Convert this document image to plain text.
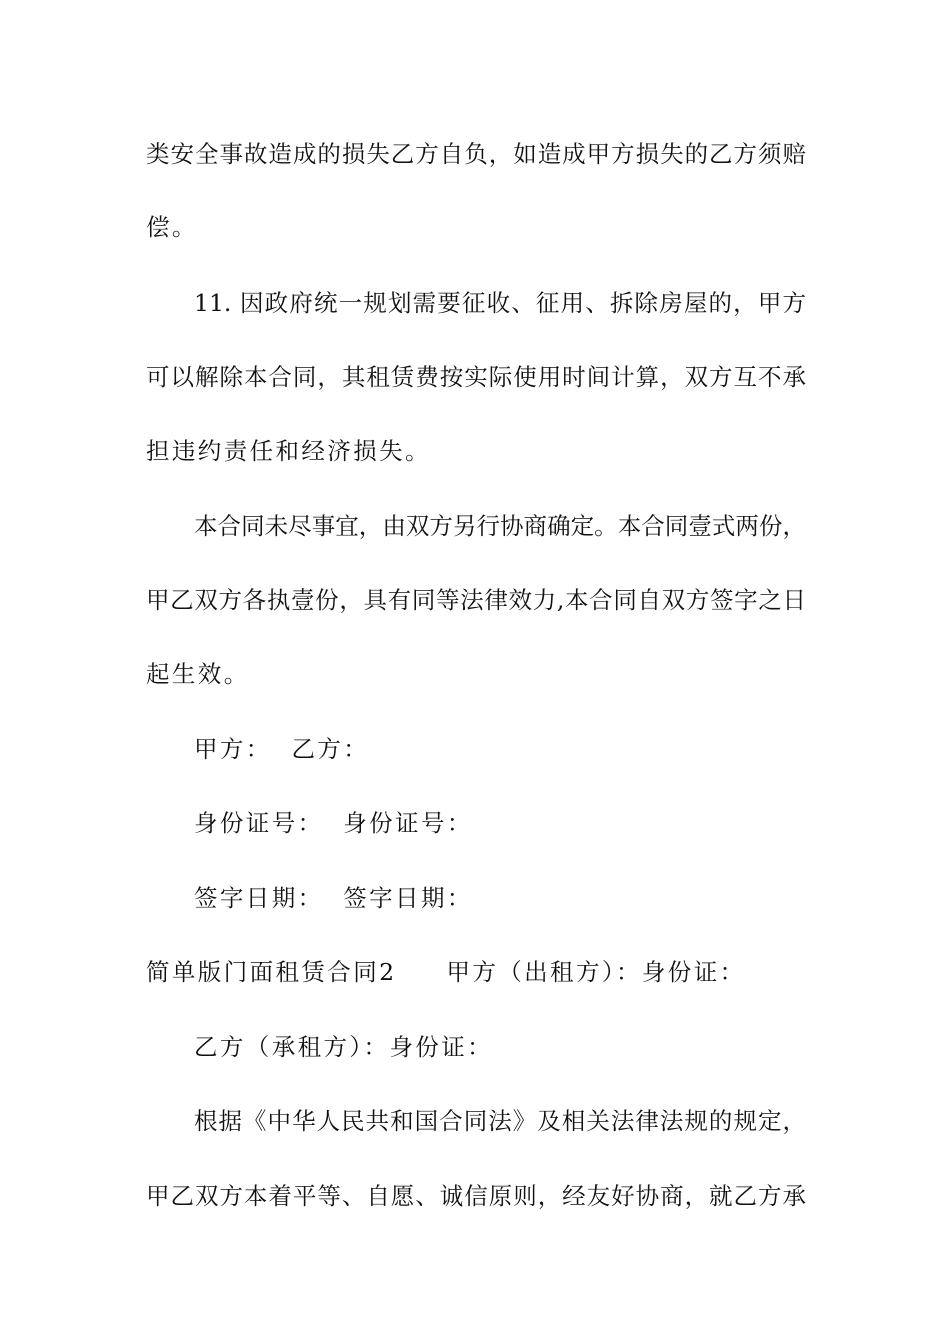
类安全事故造成的损失乙方自负，如造成甲方损失的乙方须赔

偿。

11. 因政府统一规划需要征收、征用、拆除房屋的，甲方

可以解除本合同，其租赁费按实际使用时间计算，双方互不承

担违约责任和经济损失。

本合同未尽事宜，由双方另行协商确定。本合同壹式两份，

甲乙双方各执壹份，具有同等法律效力,本合同自双方签字之日

起生效。

甲方：  乙方：

身份证号：  身份证号：

签字日期：  签字日期：

简单版门面租赁合同2 甲方（出租方）：身份证：

乙方（承租方）：身份证：

根据《中华人民共和国合同法》及相关法律法规的规定，

甲乙双方本着平等、自愿、诚信原则，经友好协商，就乙方承
